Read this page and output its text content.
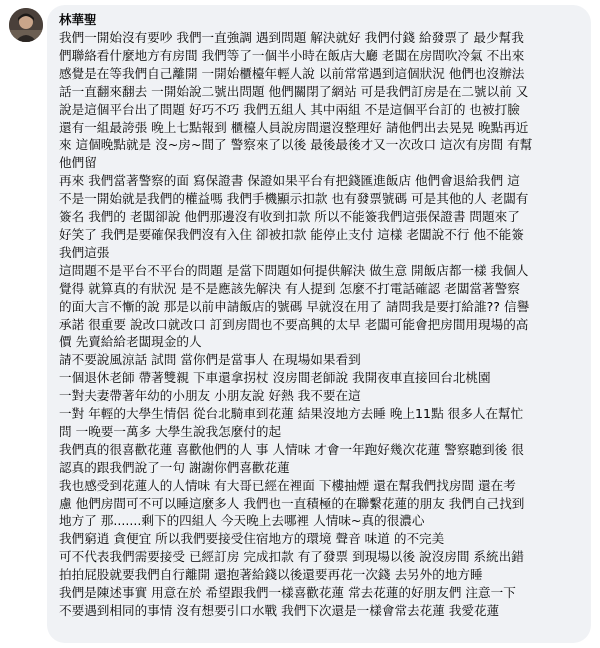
林華聖
我們一開始沒有要吵 我們一直強調 遇到問題 解決就好 我們付錢 給發票了 最少幫我
們聯絡看什麼地方有房間 我們等了一個半小時在飯店大廳 老闆在房間吹冷氣 不出來
感覺是在等我們自己離開 一開始櫃檯年輕人說 以前常常遇到這個狀況 他們也沒辦法
話一直翻來翻去 一開始說二號出問題 他們關閉了網站 可是我們訂房是在二號以前 又
說是這個平台出了問題 好巧不巧 我們五組人 其中兩組 不是這個平台訂的 也被打臉
還有一組最誇張 晚上七點報到 櫃檯人員說房間還沒整理好 請他們出去晃晃 晚點再近
來 這個晚點就是 沒~房~間了 警察來了以後 最後最後才又一次改口 這次有房間 有幫
他們留
再來 我們當著警察的面 寫保證書 保證如果平台有把錢匯進飯店 他們會退給我們 這
不是一開始就是我們的權益嗎 我們手機顯示扣款 也有發票號碼 可是其他的人 老闆有
簽名 我們的 老闆卻說 他們那邊沒有收到扣款 所以不能簽我們這張保證書 問題來了
好笑了 我們是要確保我們沒有入住 卻被扣款 能停止支付 這樣 老闆說不行 他不能簽
我們這張
這問題不是平台不平台的問題 是當下問題如何提供解決 做生意 開飯店都一樣 我個人
覺得 就算真的有狀況 是不是應該先解決 有人提到 怎麼不打電話確認 老闆當著警察
的面大言不慚的說 那是以前申請飯店的號碼 早就沒在用了 請問我是要打給誰?? 信譽
承諾 很重要 說改口就改口 訂到房間也不要高興的太早 老闆可能會把房間用現場的高
價 先賣給給老闆現金的人
請不要說風涼話 試問 當你們是當事人 在現場如果看到
一個退休老師 帶著雙親 下車還拿拐杖 沒房間老師說 我開夜車直接回台北桃園
一對夫妻帶著年幼的小朋友 小朋友說 好熱 我不要在這
一對 年輕的大學生情侶 從台北騎車到花蓮 結果沒地方去睡 晚上11點 很多人在幫忙
問 一晚要一萬多 大學生說我怎麼付的起
我們真的很喜歡花蓮 喜歡他們的人 事 人情味 才會一年跑好幾次花蓮 警察聽到後 很
認真的跟我們說了一句 謝謝你們喜歡花蓮
我也感受到花蓮人的人情味 有大哥已經在裡面 下樓抽煙 還在幫我們找房間 還在考
慮 他們房間可不可以睡這麼多人 我們也一直積極的在聯繫花蓮的朋友 我們自己找到
地方了 那.......剩下的四組人 今天晚上去哪裡 人情味~真的很濃心
我們窮逍 貪便宜 所以我們要接受住宿地方的環境 聲音 味道 的不完美
可不代表我們需要接受 已經訂房 完成扣款 有了發票 到現場以後 說沒房間 系統出錯
拍拍屁股就要我們自行離開 還抱著給錢以後還要再花一次錢 去另外的地方睡
我們是陳述事實 用意在於 希望跟我們一樣喜歡花蓮 常去花蓮的好朋友們 注意一下
不要遇到相同的事情 沒有想要引口水戰 我們下次還是一樣會常去花蓮 我愛花蓮
